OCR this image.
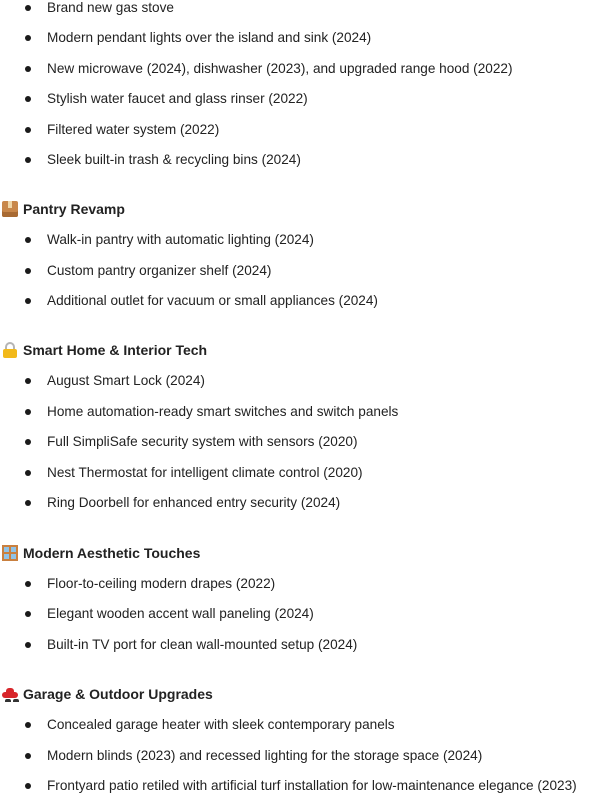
Brand new gas stove
Modern pendant lights over the island and sink (2024)
New microwave (2024), dishwasher (2023), and upgraded range hood (2022)
Stylish water faucet and glass rinser (2022)
Filtered water system (2022)
Sleek built-in trash & recycling bins (2024)
Pantry Revamp
Walk-in pantry with automatic lighting (2024)
Custom pantry organizer shelf (2024)
Additional outlet for vacuum or small appliances (2024)
Smart Home & Interior Tech
August Smart Lock (2024)
Home automation-ready smart switches and switch panels
Full SimpliSafe security system with sensors (2020)
Nest Thermostat for intelligent climate control (2020)
Ring Doorbell for enhanced entry security (2024)
Modern Aesthetic Touches
Floor-to-ceiling modern drapes (2022)
Elegant wooden accent wall paneling (2024)
Built-in TV port for clean wall-mounted setup (2024)
Garage & Outdoor Upgrades
Concealed garage heater with sleek contemporary panels
Modern blinds (2023) and recessed lighting for the storage space (2024)
Frontyard patio retiled with artificial turf installation for low-maintenance elegance (2023)
